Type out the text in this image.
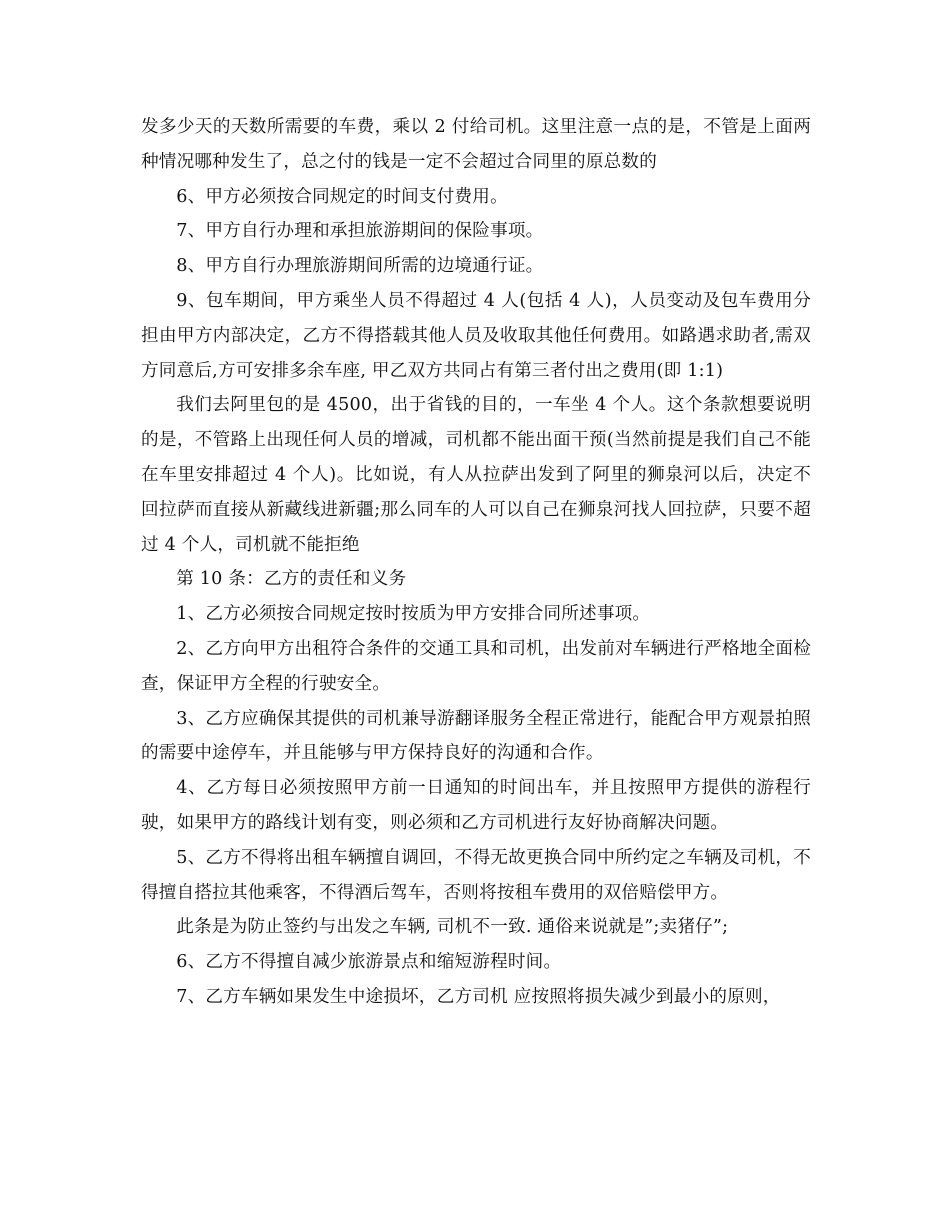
发多少天的天数所需要的车费，乘以 2 付给司机。这里注意一点的是，不管是上面两种情况哪种发生了，总之付的钱是一定不会超过合同里的原总数的

6、甲方必须按合同规定的时间支付费用。

7、甲方自行办理和承担旅游期间的保险事项。

8、甲方自行办理旅游期间所需的边境通行证。

9、包车期间，甲方乘坐人员不得超过 4 人(包括 4 人)，人员变动及包车费用分担由甲方内部决定，乙方不得搭载其他人员及收取其他任何费用。如路遇求助者,需双方同意后,方可安排多余车座, 甲乙双方共同占有第三者付出之费用(即 1:1)

我们去阿里包的是 4500，出于省钱的目的，一车坐 4 个人。这个条款想要说明的是，不管路上出现任何人员的增减，司机都不能出面干预(当然前提是我们自己不能在车里安排超过 4 个人)。比如说，有人从拉萨出发到了阿里的狮泉河以后，决定不回拉萨而直接从新藏线进新疆;那么同车的人可以自己在狮泉河找人回拉萨，只要不超过 4 个人，司机就不能拒绝

第 10 条：乙方的责任和义务

1、乙方必须按合同规定按时按质为甲方安排合同所述事项。

2、乙方向甲方出租符合条件的交通工具和司机，出发前对车辆进行严格地全面检查，保证甲方全程的行驶安全。

3、乙方应确保其提供的司机兼导游翻译服务全程正常进行，能配合甲方观景拍照的需要中途停车，并且能够与甲方保持良好的沟通和合作。

4、乙方每日必须按照甲方前一日通知的时间出车，并且按照甲方提供的游程行驶，如果甲方的路线计划有变，则必须和乙方司机进行友好协商解决问题。

5、乙方不得将出租车辆擅自调回，不得无故更换合同中所约定之车辆及司机，不得擅自搭拉其他乘客，不得酒后驾车，否则将按租车费用的双倍赔偿甲方。

此条是为防止签约与出发之车辆, 司机不一致. 通俗来说就是”;卖猪仔”;

6、乙方不得擅自减少旅游景点和缩短游程时间。

7、乙方车辆如果发生中途损坏，乙方司机 应按照将损失减少到最小的原则，
